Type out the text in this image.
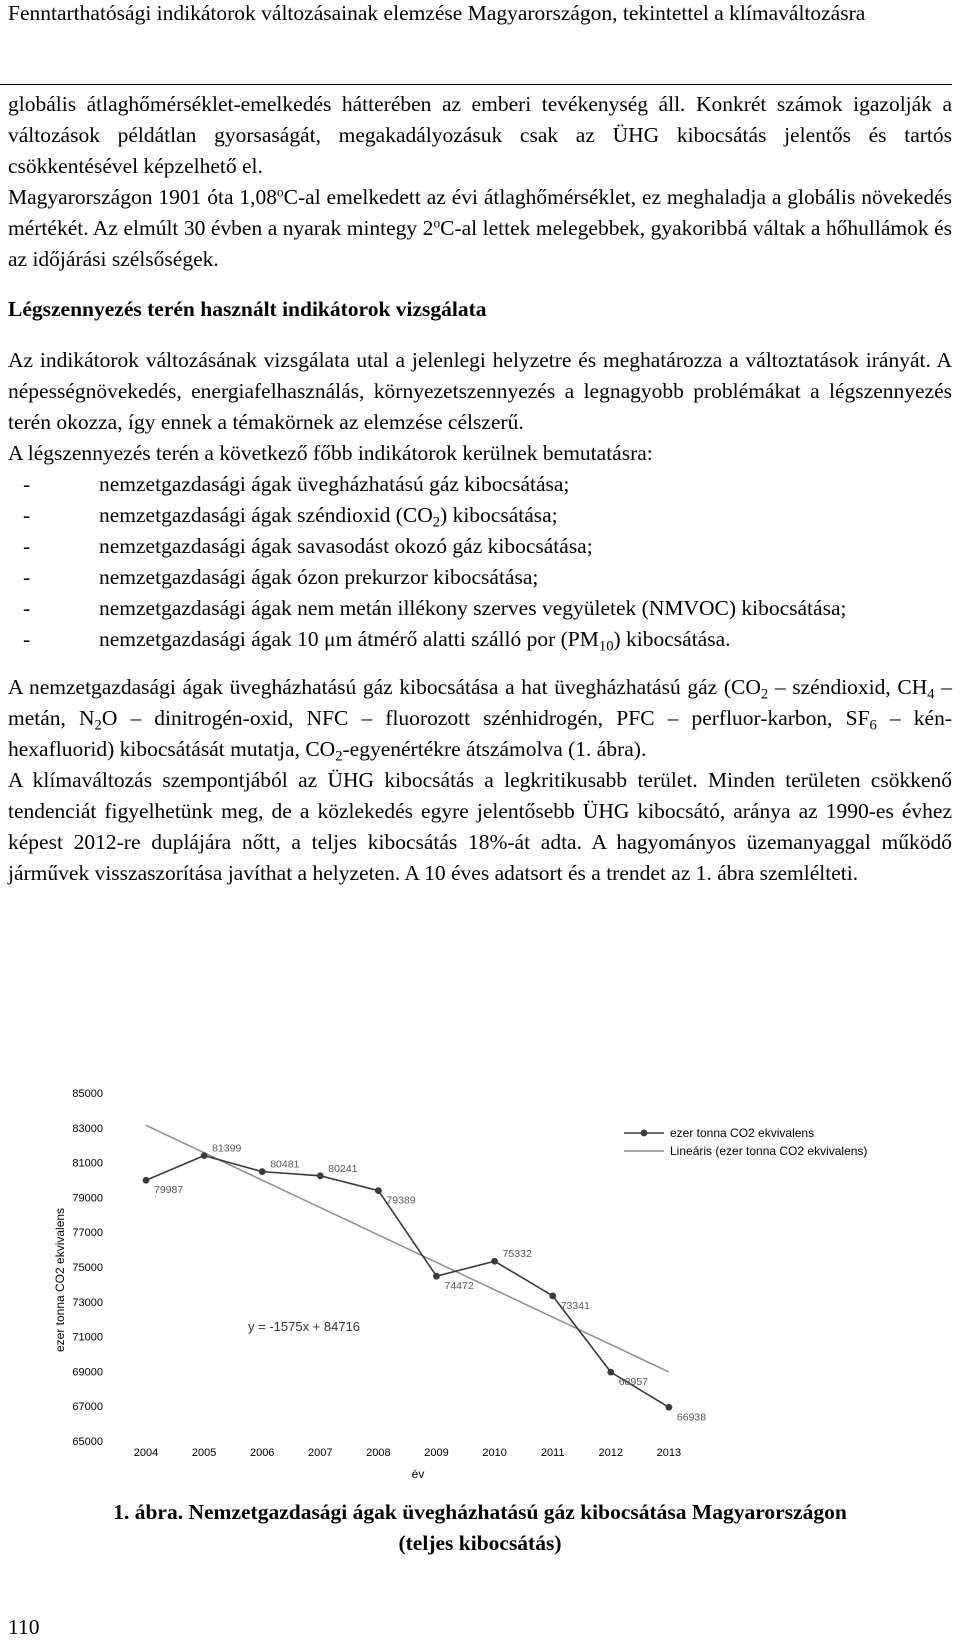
Fenntarthatósági indikátorok változásainak elemzése Magyarországon, tekintettel a klímaváltozásra

globális átlaghőmérséklet-emelkedés hátterében az emberi tevékenység áll. Konkrét számok igazolják a változások példátlan gyorsaságát, megakadályozásuk csak az ÜHG kibocsátás jelentős és tartós csökkentésével képzelhető el.

Magyarországon 1901 óta 1,08$^o$C-al emelkedett az évi átlaghőmérséklet, ez meghaladja a globális növekedés mértékét. Az elmúlt 30 évben a nyarak mintegy 2$^o$C-al lettek melegebbek, gyakoribbá váltak a hőhullámok és az időjárási szélsőségek.

Légszennyezés terén használt indikátorok vizsgálata

Az indikátorok változásának vizsgálata utal a jelenlegi helyzetre és meghatározza a változtatások irányát. A népességnövekedés, energiafelhasználás, környezetszennyezés a legnagyobb problémákat a légszennyezés terén okozza, így ennek a témakörnek az elemzése célszerű.

A légszennyezés terén a következő főbb indikátorok kerülnek bemutatásra:

-	nemzetgazdasági ágak üvegházhatású gáz kibocsátása;
-	nemzetgazdasági ágak széndioxid $(CO_2)$ kibocsátása;
-	nemzetgazdasági ágak savasodást okozó gáz kibocsátása;
-	nemzetgazdasági ágak ózon prekurzor kibocsátása;
-	nemzetgazdasági ágak nem metán illékony szerves vegyületek (NMVOC) kibocsátása;
-	nemzetgazdasági ágak 10 μm átmérő alatti szálló por $(PM_{10})$ kibocsátása.

A nemzetgazdasági ágak üvegházhatású gáz kibocsátása a hat üvegházhatású gáz ($CO_2$ – széndioxid, $CH_4$ – metán, $N_2O$ – dinitrogén-oxid, NFC – fluorozott szénhidrogén, PFC – perfluor-karbon, $SF_6$ – kén-hexafluorid) kibocsátását mutatja, $CO_2$-egyenértékre átszámolva (1. ábra).

A klímaváltozás szempontjából az ÜHG kibocsátás a legkritikusabb terület. Minden területen csökkenő tendenciát figyelhetünk meg, de a közlekedés egyre jelentősebb ÜHG kibocsátó, aránya az 1990-es évhez képest 2012-re duplájára nőtt, a teljes kibocsátás 18%-át adta. A hagyományos üzemanyaggal működő járművek visszaszorítása javíthat a helyzeten. A 10 éves adatsort és a trendet az 1. ábra szemlélteti.

ezer tonna CO2 ekvivalens
év
y = -1575x + 84716
65000
67000
69000
71000
73000
75000
77000
79000
81000
83000
85000
2004	2005	2006	2007	2008	2009	2010	2011	2012	2013
79987
81399
80481	80241
79389
74472
75332
73341
68957
66938
ezer tonna CO2 ekvivalens
Lineáris (ezer tonna CO2 ekvivalens)
1. ábra. Nemzetgazdasági ágak üvegházhatású gáz kibocsátása Magyarországon
(teljes kibocsátás)
110
